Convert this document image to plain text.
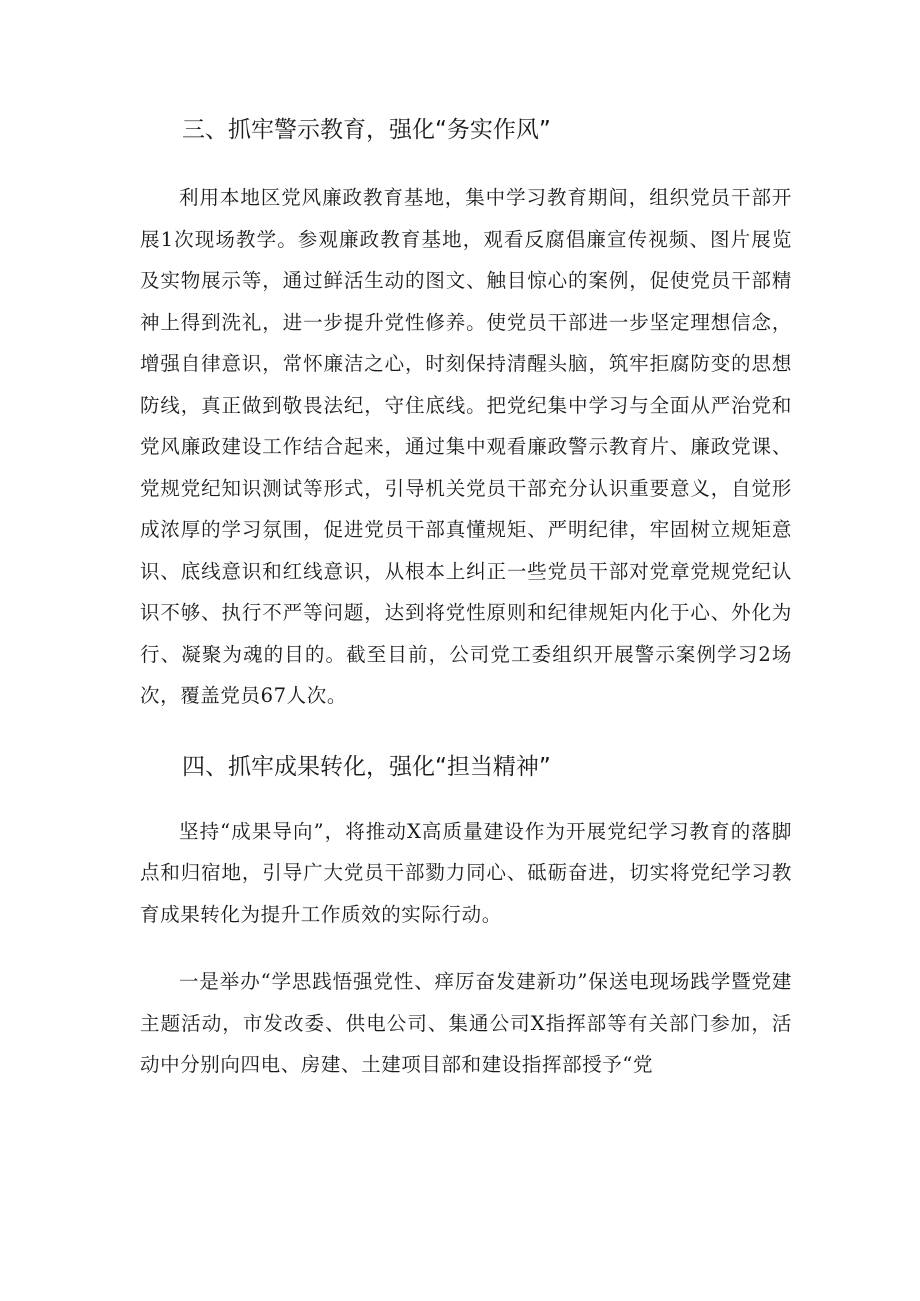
三、抓牢警示教育，强化“务实作风”

利用本地区党风廉政教育基地，集中学习教育期间，组织党员干部开展1次现场教学。参观廉政教育基地，观看反腐倡廉宣传视频、图片展览及实物展示等，通过鲜活生动的图文、触目惊心的案例，促使党员干部精神上得到洗礼，进一步提升党性修养。使党员干部进一步坚定理想信念，增强自律意识，常怀廉洁之心，时刻保持清醒头脑，筑牢拒腐防变的思想防线，真正做到敬畏法纪，守住底线。把党纪集中学习与全面从严治党和党风廉政建设工作结合起来，通过集中观看廉政警示教育片、廉政党课、党规党纪知识测试等形式，引导机关党员干部充分认识重要意义，自觉形成浓厚的学习氛围，促进党员干部真懂规矩、严明纪律，牢固树立规矩意识、底线意识和红线意识，从根本上纠正一些党员干部对党章党规党纪认识不够、执行不严等问题，达到将党性原则和纪律规矩内化于心、外化为行、凝聚为魂的目的。截至目前，公司党工委组织开展警示案例学习2场次，覆盖党员67人次。

四、抓牢成果转化，强化“担当精神”

坚持“成果导向”，将推动X高质量建设作为开展党纪学习教育的落脚点和归宿地，引导广大党员干部勠力同心、砥砺奋进，切实将党纪学习教育成果转化为提升工作质效的实际行动。

一是举办“学思践悟强党性、痒厉奋发建新功”保送电现场践学暨党建主题活动，市发改委、供电公司、集通公司X指挥部等有关部门参加，活动中分别向四电、房建、土建项目部和建设指挥部授予“党
